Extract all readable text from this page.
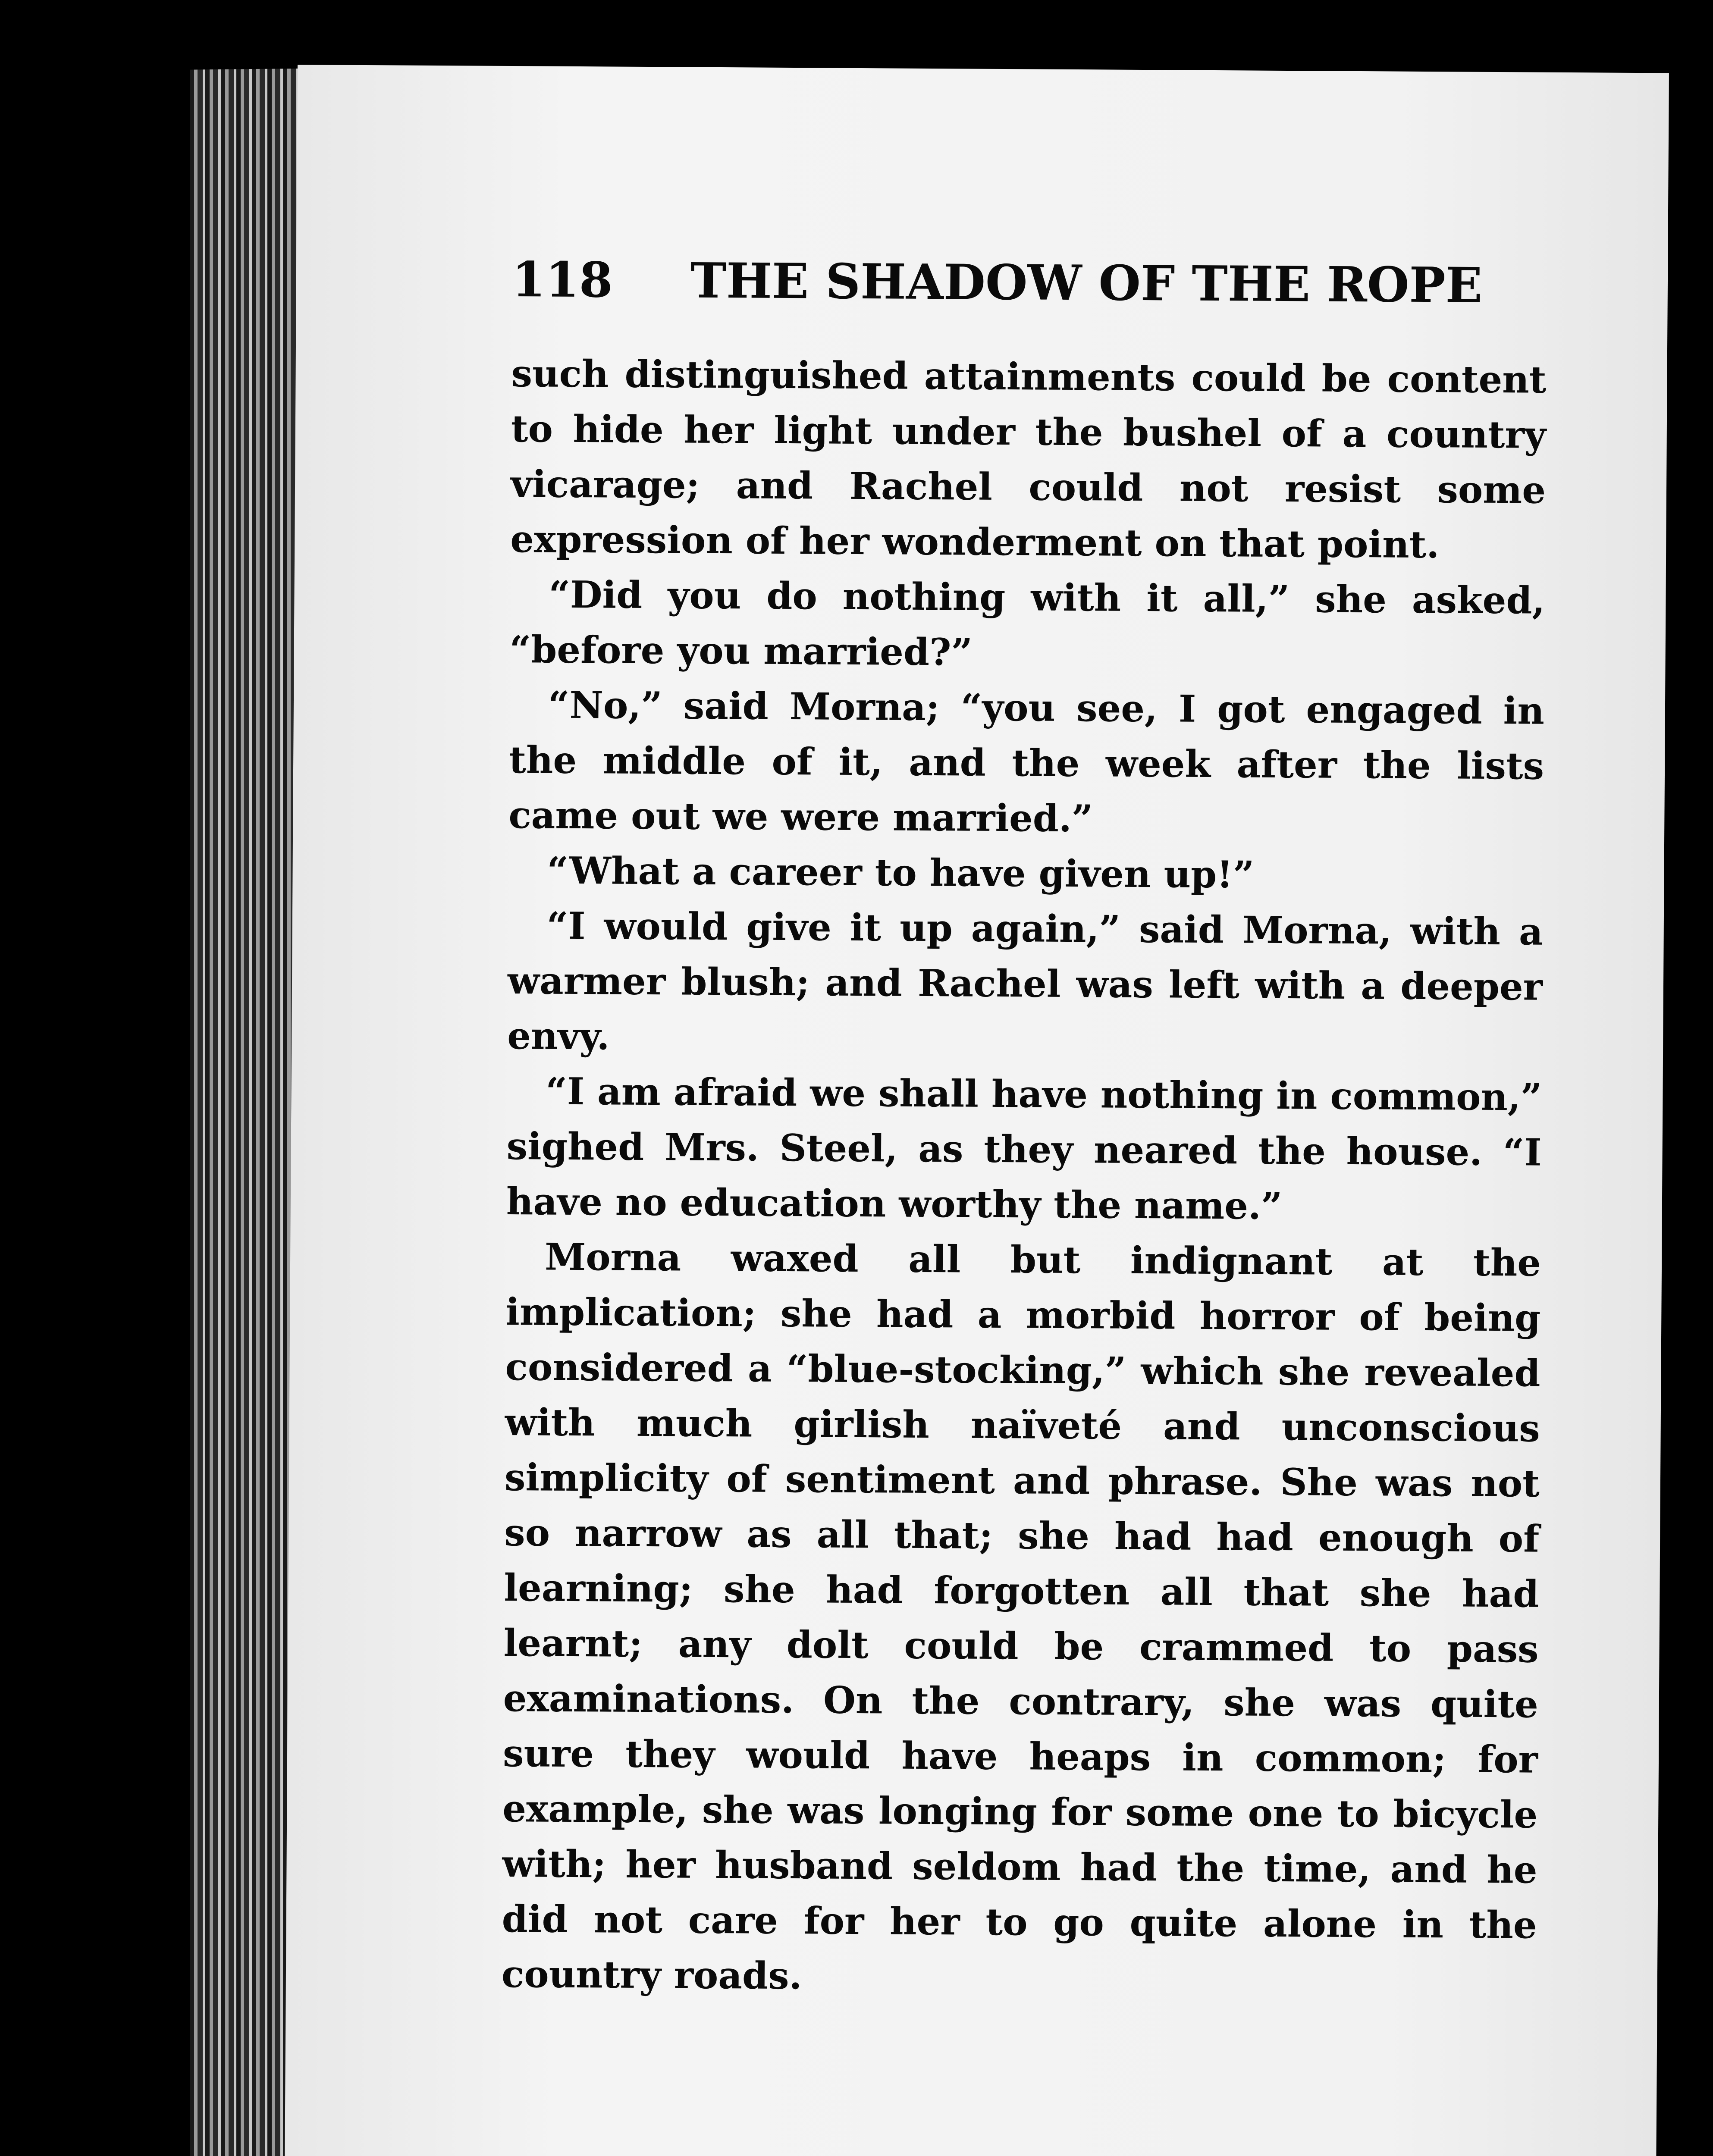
118 THE SHADOW OF THE ROPE

such distinguished attainments could be content to hide her light under the bushel of a country vicarage; and Rachel could not resist some expression of her wonderment on that point.

“Did you do nothing with it all,” she asked, “before you married?”

“No,” said Morna; “you see, I got engaged in the middle of it, and the week after the lists came out we were married.”

“What a career to have given up!”

“I would give it up again,” said Morna, with a warmer blush; and Rachel was left with a deeper envy.

“I am afraid we shall have nothing in common,” sighed Mrs. Steel, as they neared the house. “I have no education worthy the name.”

Morna waxed all but indignant at the implication; she had a morbid horror of being considered a “blue-stocking,” which she revealed with much girlish naïveté and unconscious simplicity of sentiment and phrase. She was not so narrow as all that; she had had enough of learning; she had forgotten all that she had learnt; any dolt could be crammed to pass examinations. On the contrary, she was quite sure they would have heaps in common; for example, she was longing for some one to bicycle with; her husband seldom had the time, and he did not care for her to go quite alone in the country roads.
